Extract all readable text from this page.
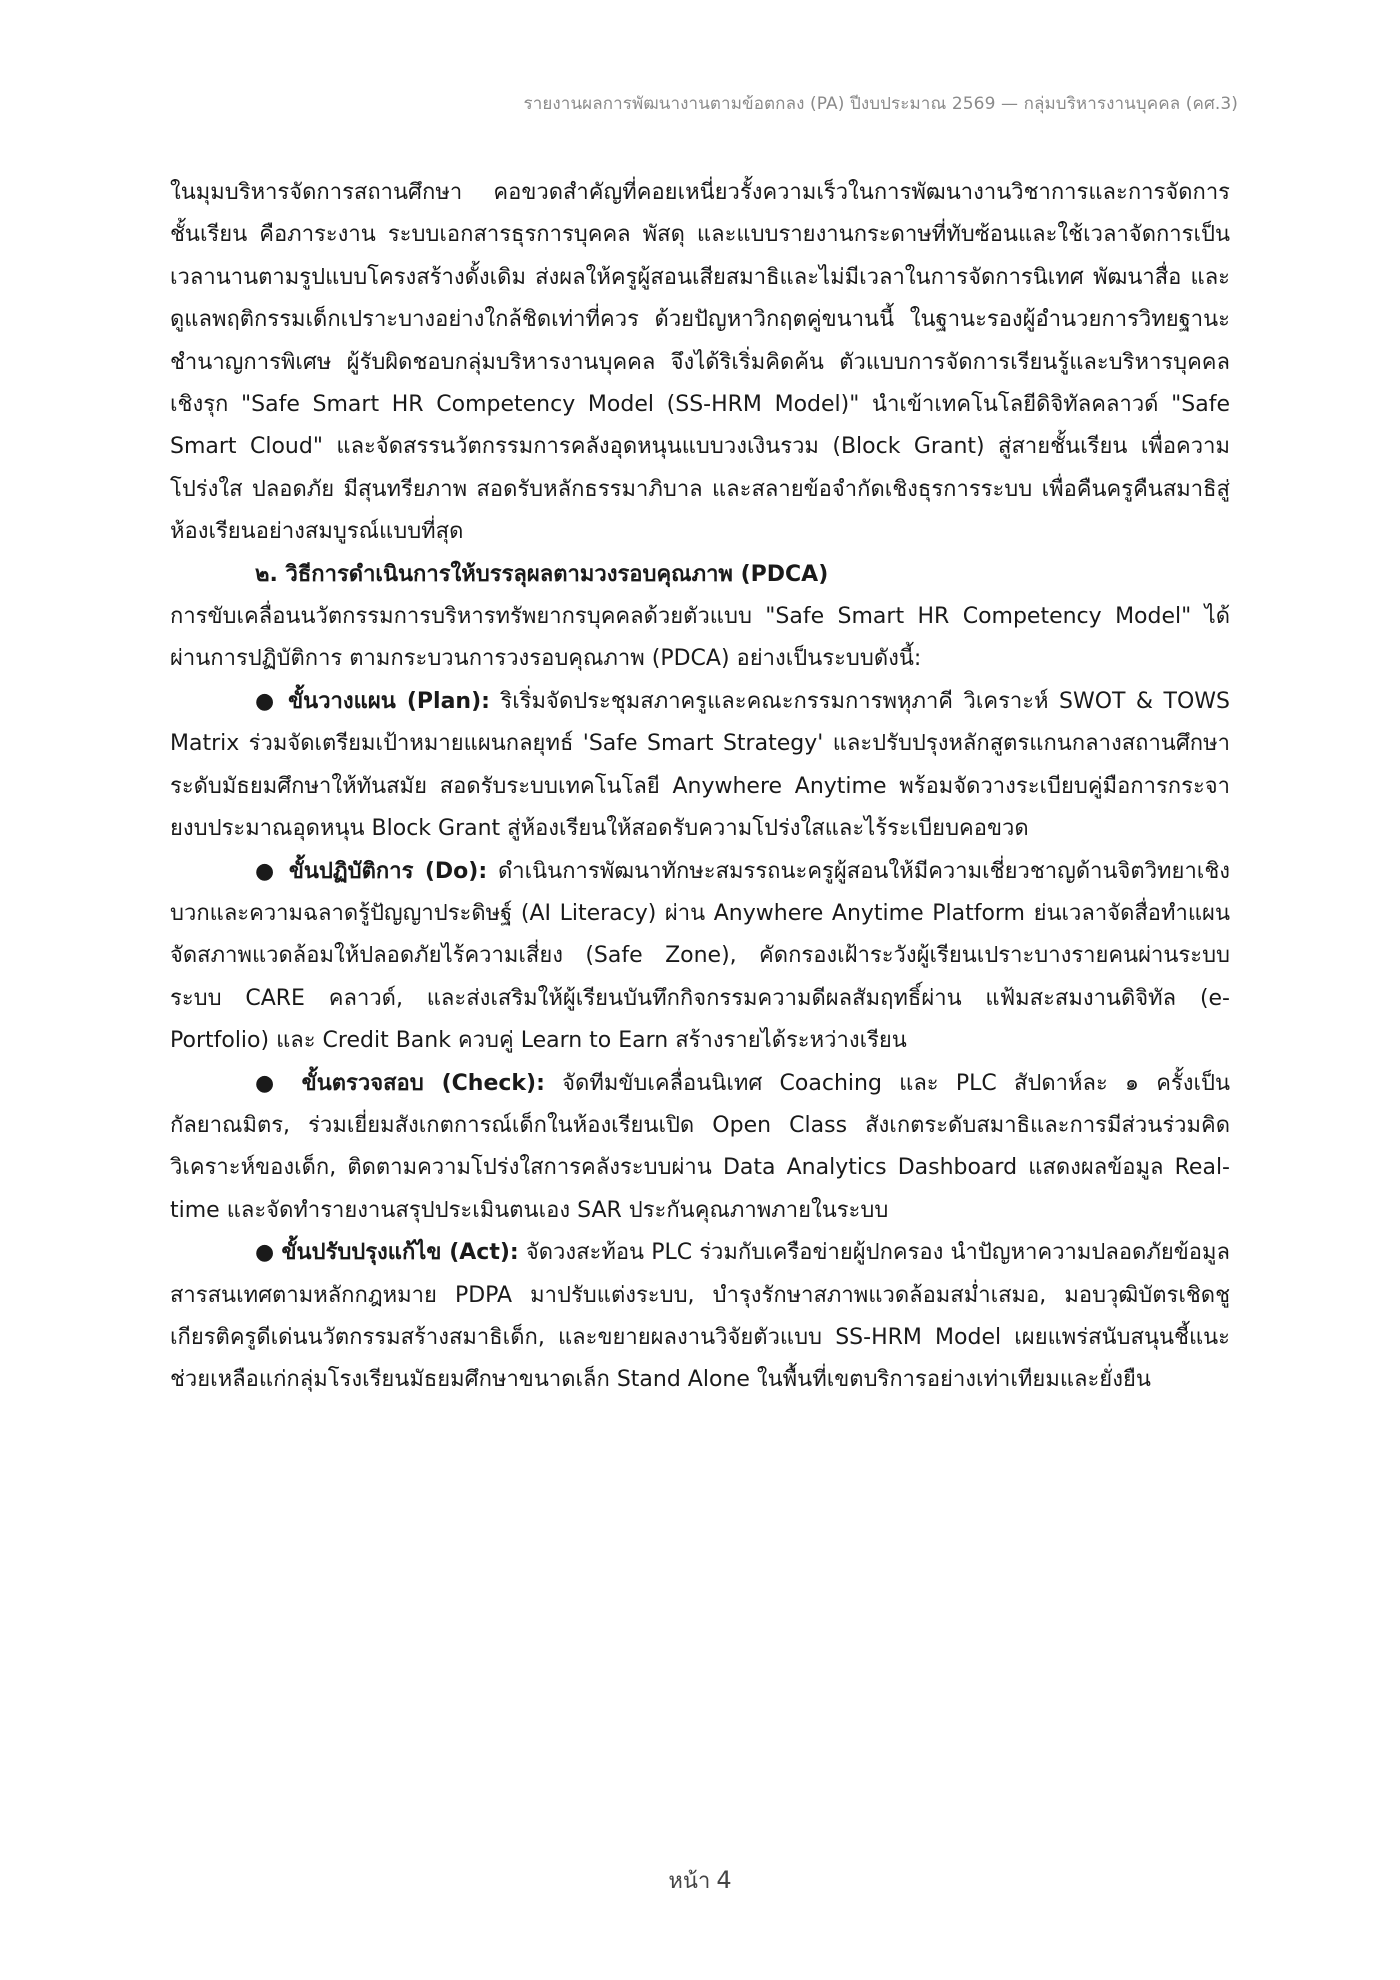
รายงานผลการพัฒนางานตามข้อตกลง (PA) ปีงบประมาณ 2569 — กลุ่มบริหารงานบุคคล (คศ.3)

ในมุมบริหารจัดการสถานศึกษา คอขวดสำคัญที่คอยเหนี่ยวรั้งความเร็วในการพัฒนางานวิชาการและการจัดการชั้นเรียน คือภาระงาน ระบบเอกสารธุรการบุคคล พัสดุ และแบบรายงานกระดาษที่ทับซ้อนและใช้เวลาจัดการเป็นเวลานานตามรูปแบบโครงสร้างดั้งเดิม ส่งผลให้ครูผู้สอนเสียสมาธิและไม่มีเวลาในการจัดการนิเทศ พัฒนาสื่อ และดูแลพฤติกรรมเด็กเปราะบางอย่างใกล้ชิดเท่าที่ควร ด้วยปัญหาวิกฤตคู่ขนานนี้ ในฐานะรองผู้อำนวยการวิทยฐานะชำนาญการพิเศษ ผู้รับผิดชอบกลุ่มบริหารงานบุคคล จึงได้ริเริ่มคิดค้น ตัวแบบการจัดการเรียนรู้และบริหารบุคคลเชิงรุก "Safe Smart HR Competency Model (SS-HRM Model)" นำเข้าเทคโนโลยีดิจิทัลคลาวด์ "Safe Smart Cloud" และจัดสรรนวัตกรรมการคลังอุดหนุนแบบวงเงินรวม (Block Grant) สู่สายชั้นเรียน เพื่อความโปร่งใส ปลอดภัย มีสุนทรียภาพ สอดรับหลักธรรมาภิบาล และสลายข้อจำกัดเชิงธุรการระบบ เพื่อคืนครูคืนสมาธิสู่ห้องเรียนอย่างสมบูรณ์แบบที่สุด

๒. วิธีการดำเนินการให้บรรลุผลตามวงรอบคุณภาพ (PDCA)

การขับเคลื่อนนวัตกรรมการบริหารทรัพยากรบุคคลด้วยตัวแบบ "Safe Smart HR Competency Model" ได้ผ่านการปฏิบัติการ ตามกระบวนการวงรอบคุณภาพ (PDCA) อย่างเป็นระบบดังนี้:

● ขั้นวางแผน (Plan): ริเริ่มจัดประชุมสภาครูและคณะกรรมการพหุภาคี วิเคราะห์ SWOT & TOWS Matrix ร่วมจัดเตรียมเป้าหมายแผนกลยุทธ์ 'Safe Smart Strategy' และปรับปรุงหลักสูตรแกนกลางสถานศึกษาระดับมัธยมศึกษาให้ทันสมัย สอดรับระบบเทคโนโลยี Anywhere Anytime พร้อมจัดวางระเบียบคู่มือการกระจายงบประมาณอุดหนุน Block Grant สู่ห้องเรียนให้สอดรับความโปร่งใสและไร้ระเบียบคอขวด

● ขั้นปฏิบัติการ (Do): ดำเนินการพัฒนาทักษะสมรรถนะครูผู้สอนให้มีความเชี่ยวชาญด้านจิตวิทยาเชิงบวกและความฉลาดรู้ปัญญาประดิษฐ์ (AI Literacy) ผ่าน Anywhere Anytime Platform ย่นเวลาจัดสื่อทำแผน จัดสภาพแวดล้อมให้ปลอดภัยไร้ความเสี่ยง (Safe Zone), คัดกรองเฝ้าระวังผู้เรียนเปราะบางรายคนผ่านระบบระบบ CARE คลาวด์, และส่งเสริมให้ผู้เรียนบันทึกกิจกรรมความดีผลสัมฤทธิ์ผ่าน แฟ้มสะสมงานดิจิทัล (e-Portfolio) และ Credit Bank ควบคู่ Learn to Earn สร้างรายได้ระหว่างเรียน

● ขั้นตรวจสอบ (Check): จัดทีมขับเคลื่อนนิเทศ Coaching และ PLC สัปดาห์ละ ๑ ครั้งเป็นกัลยาณมิตร, ร่วมเยี่ยมสังเกตการณ์เด็กในห้องเรียนเปิด Open Class สังเกตระดับสมาธิและการมีส่วนร่วมคิดวิเคราะห์ของเด็ก, ติดตามความโปร่งใสการคลังระบบผ่าน Data Analytics Dashboard แสดงผลข้อมูล Real-time และจัดทำรายงานสรุปประเมินตนเอง SAR ประกันคุณภาพภายในระบบ

● ขั้นปรับปรุงแก้ไข (Act): จัดวงสะท้อน PLC ร่วมกับเครือข่ายผู้ปกครอง นำปัญหาความปลอดภัยข้อมูลสารสนเทศตามหลักกฎหมาย PDPA มาปรับแต่งระบบ, บำรุงรักษาสภาพแวดล้อมสม่ำเสมอ, มอบวุฒิบัตรเชิดชูเกียรติครูดีเด่นนวัตกรรมสร้างสมาธิเด็ก, และขยายผลงานวิจัยตัวแบบ SS-HRM Model เผยแพร่สนับสนุนชี้แนะช่วยเหลือแก่กลุ่มโรงเรียนมัธยมศึกษาขนาดเล็ก Stand Alone ในพื้นที่เขตบริการอย่างเท่าเทียมและยั่งยืน

หน้า 4
